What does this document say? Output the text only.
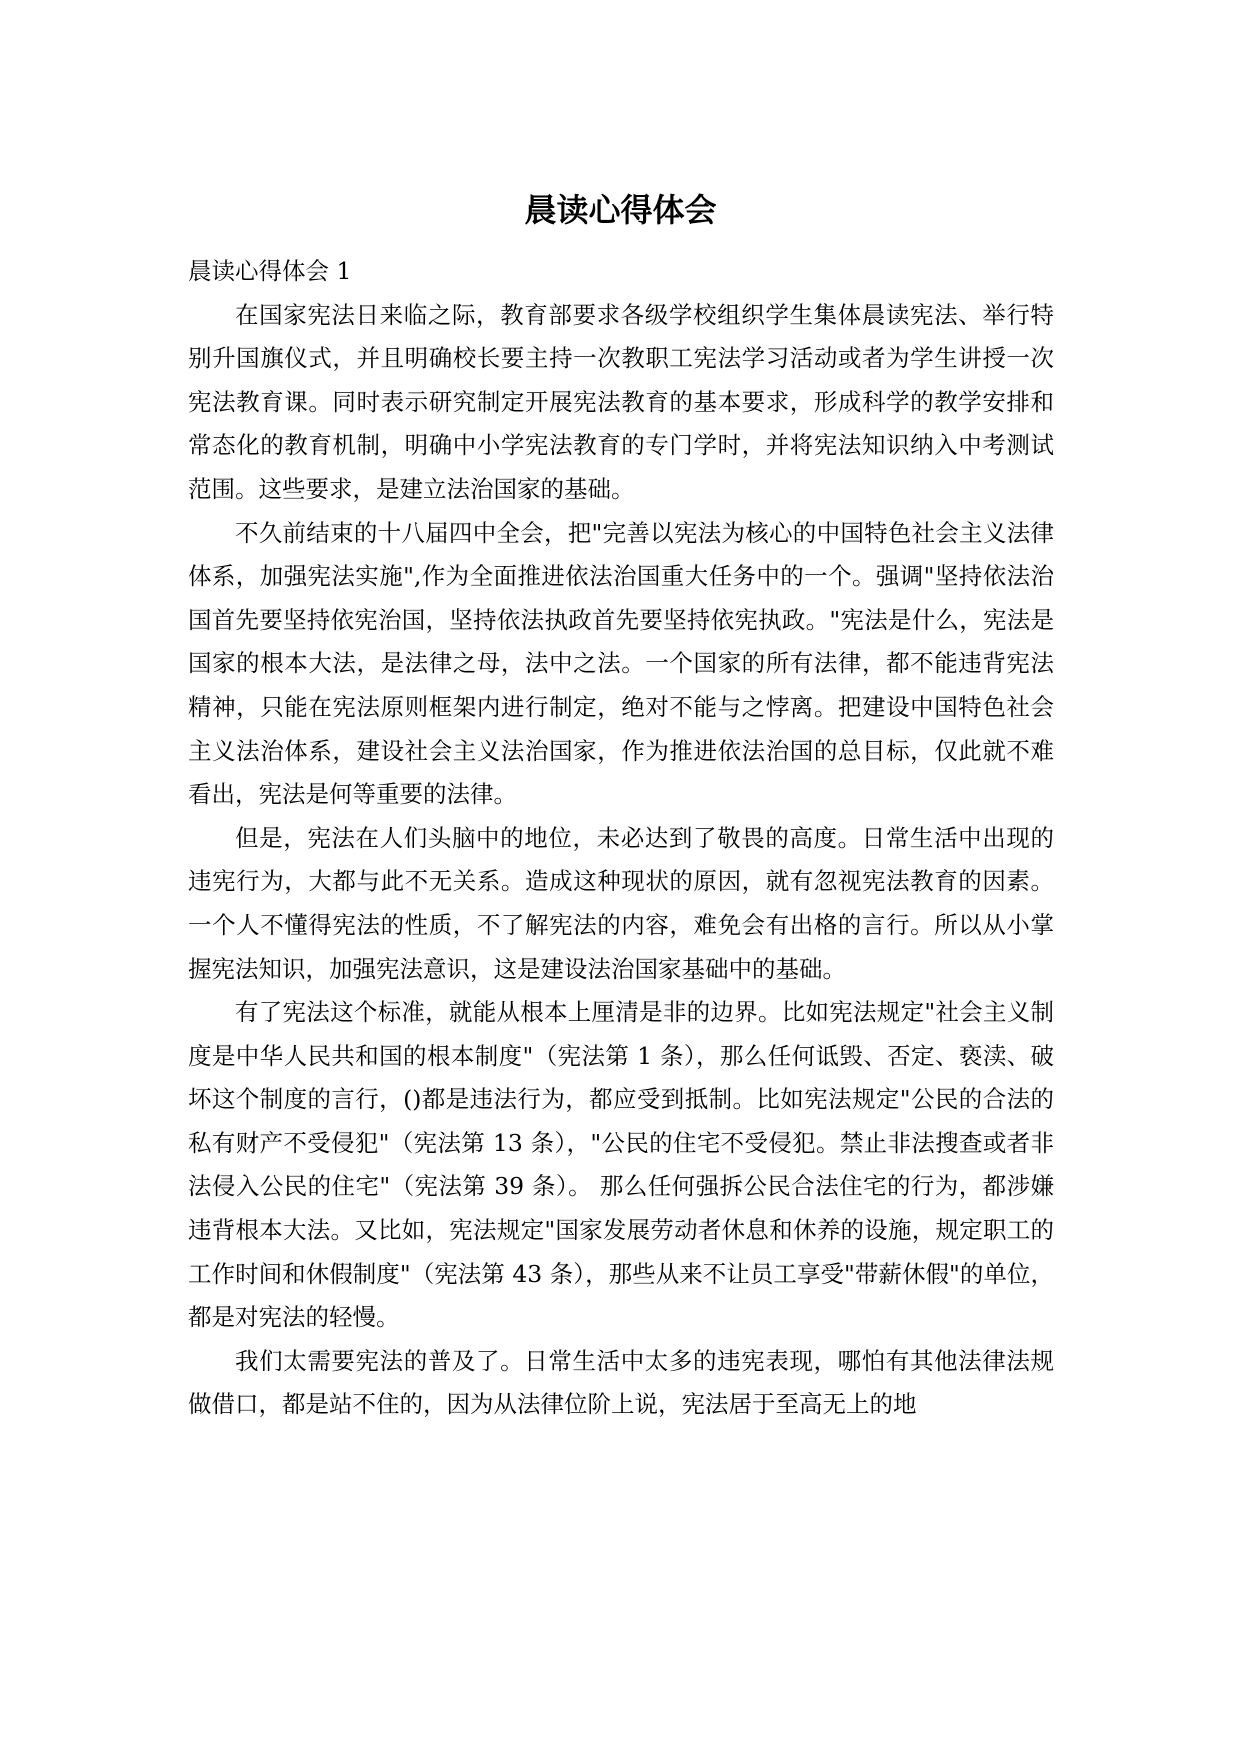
晨读心得体会

晨读心得体会 1

在国家宪法日来临之际，教育部要求各级学校组织学生集体晨读宪法、举行特别升国旗仪式，并且明确校长要主持一次教职工宪法学习活动或者为学生讲授一次宪法教育课。同时表示研究制定开展宪法教育的基本要求，形成科学的教学安排和常态化的教育机制，明确中小学宪法教育的专门学时，并将宪法知识纳入中考测试范围。这些要求，是建立法治国家的基础。

不久前结束的十八届四中全会，把"完善以宪法为核心的中国特色社会主义法律体系，加强宪法实施",作为全面推进依法治国重大任务中的一个。强调"坚持依法治国首先要坚持依宪治国，坚持依法执政首先要坚持依宪执政。"宪法是什么，宪法是国家的根本大法，是法律之母，法中之法。一个国家的所有法律，都不能违背宪法精神，只能在宪法原则框架内进行制定，绝对不能与之悖离。把建设中国特色社会主义法治体系，建设社会主义法治国家，作为推进依法治国的总目标，仅此就不难看出，宪法是何等重要的法律。

但是，宪法在人们头脑中的地位，未必达到了敬畏的高度。日常生活中出现的违宪行为，大都与此不无关系。造成这种现状的原因，就有忽视宪法教育的因素。一个人不懂得宪法的性质，不了解宪法的内容，难免会有出格的言行。所以从小掌握宪法知识，加强宪法意识，这是建设法治国家基础中的基础。

有了宪法这个标准，就能从根本上厘清是非的边界。比如宪法规定"社会主义制度是中华人民共和国的根本制度"（宪法第 1 条），那么任何诋毁、否定、亵渎、破坏这个制度的言行，()都是违法行为，都应受到抵制。比如宪法规定"公民的合法的私有财产不受侵犯"（宪法第 13 条），"公民的住宅不受侵犯。禁止非法搜查或者非法侵入公民的住宅"（宪法第 39 条）。 那么任何强拆公民合法住宅的行为，都涉嫌违背根本大法。又比如，宪法规定"国家发展劳动者休息和休养的设施，规定职工的工作时间和休假制度"（宪法第 43 条），那些从来不让员工享受"带薪休假"的单位，都是对宪法的轻慢。

我们太需要宪法的普及了。日常生活中太多的违宪表现，哪怕有其他法律法规做借口，都是站不住的，因为从法律位阶上说，宪法居于至高无上的地
